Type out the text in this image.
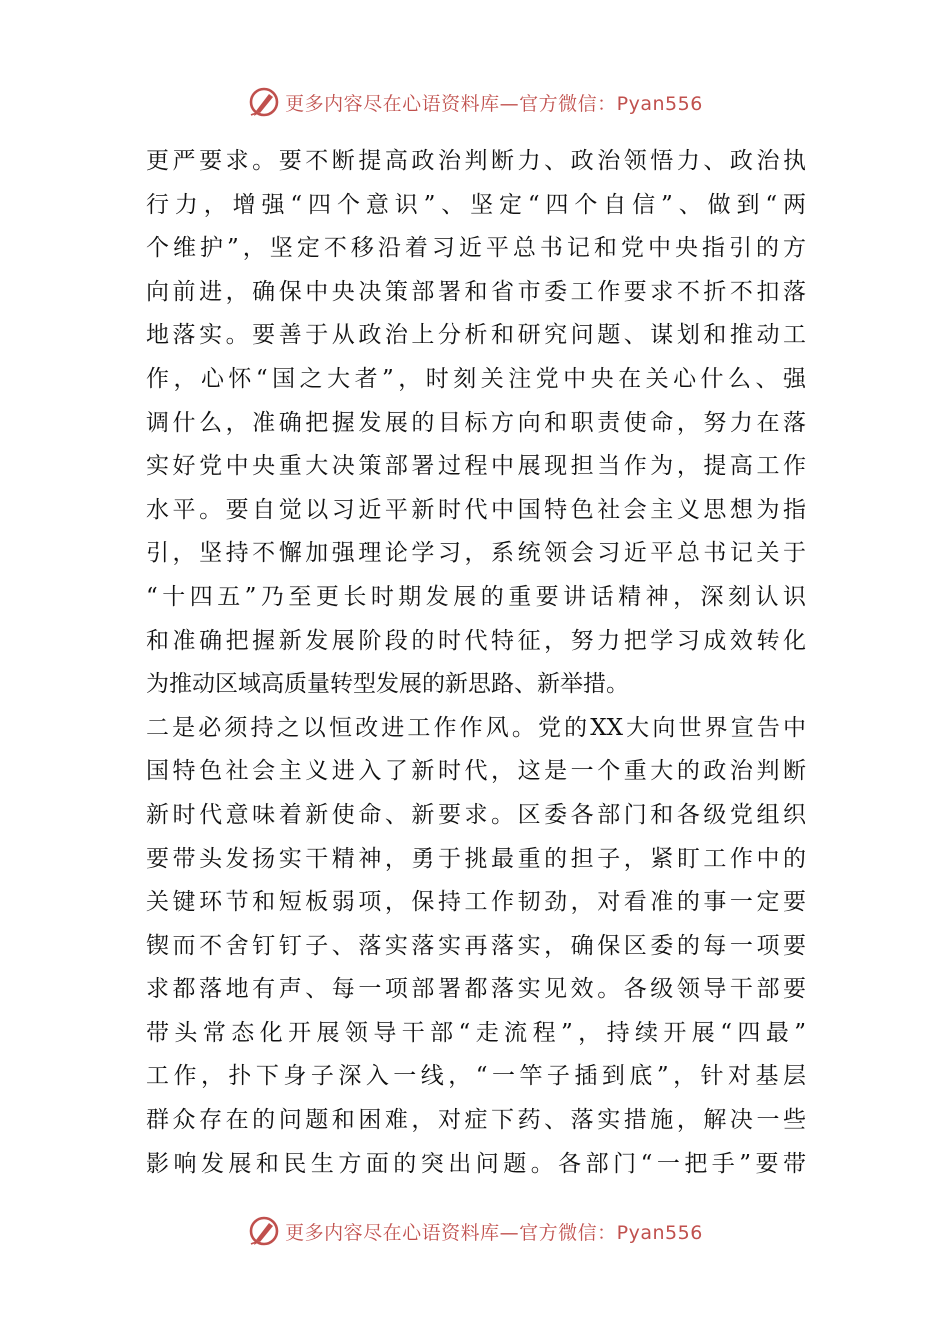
更多内容尽在心语资料库—官方微信：Pyan556
更严要求。要不断提高政治判断力、政治领悟力、政治执
行力，增强“四个意识”、坚定“四个自信”、做到“两
个维护”，坚定不移沿着习近平总书记和党中央指引的方
向前进，确保中央决策部署和省市委工作要求不折不扣落
地落实。要善于从政治上分析和研究问题、谋划和推动工
作，心怀“国之大者”，时刻关注党中央在关心什么、强
调什么，准确把握发展的目标方向和职责使命，努力在落
实好党中央重大决策部署过程中展现担当作为，提高工作
水平。要自觉以习近平新时代中国特色社会主义思想为指
引，坚持不懈加强理论学习，系统领会习近平总书记关于
“十四五”乃至更长时期发展的重要讲话精神，深刻认识
和准确把握新发展阶段的时代特征，努力把学习成效转化
为推动区域高质量转型发展的新思路、新举措。
二是必须持之以恒改进工作作风。党的XX大向世界宣告中
国特色社会主义进入了新时代，这是一个重大的政治判断
新时代意味着新使命、新要求。区委各部门和各级党组织
要带头发扬实干精神，勇于挑最重的担子，紧盯工作中的
关键环节和短板弱项，保持工作韧劲，对看准的事一定要
锲而不舍钉钉子、落实落实再落实，确保区委的每一项要
求都落地有声、每一项部署都落实见效。各级领导干部要
带头常态化开展领导干部“走流程”，持续开展“四最”
工作，扑下身子深入一线，“一竿子插到底”，针对基层
群众存在的问题和困难，对症下药、落实措施，解决一些
影响发展和民生方面的突出问题。各部门“一把手”要带
更多内容尽在心语资料库—官方微信：Pyan556
